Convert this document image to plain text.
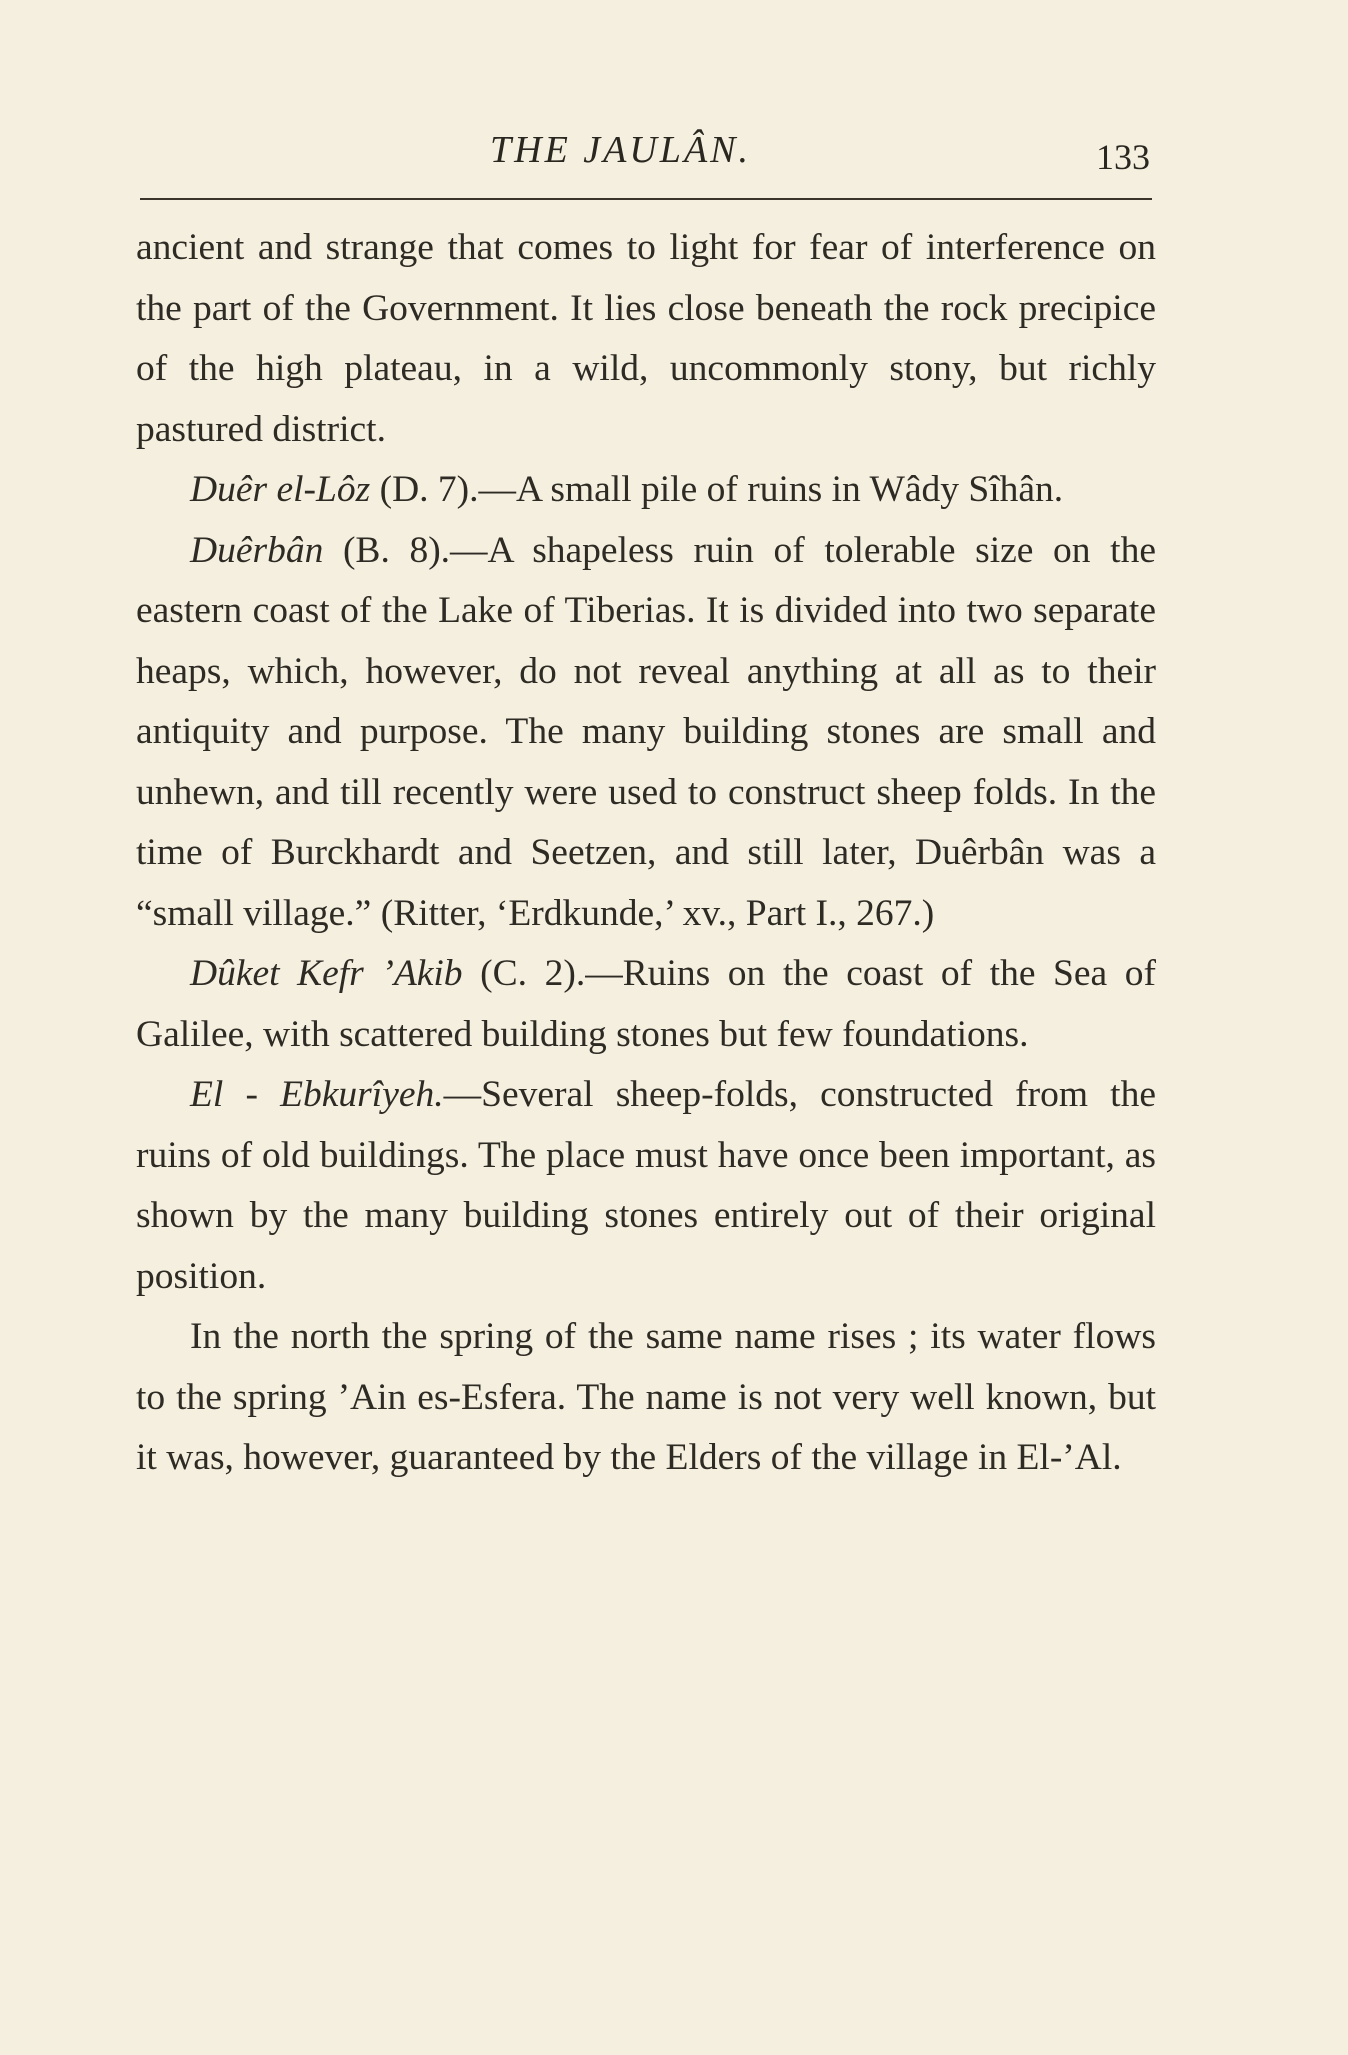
THE JAULÂN.	133

ancient and strange that comes to light for fear of interference on the part of the Government. It lies close beneath the rock precipice of the high plateau, in a wild, uncommonly stony, but richly pastured district.

Duêr el-Lôz (D. 7).—A small pile of ruins in Wâdy Sîhân.

Duêrbân (B. 8).—A shapeless ruin of tolerable size on the eastern coast of the Lake of Tiberias. It is divided into two separate heaps, which, however, do not reveal anything at all as to their antiquity and purpose. The many building stones are small and unhewn, and till recently were used to construct sheep folds. In the time of Burckhardt and Seetzen, and still later, Duêrbân was a “small village.” (Ritter, ‘Erdkunde,’ xv., Part I., 267.)

Dûket Kefr ’Akib (C. 2).—Ruins on the coast of the Sea of Galilee, with scattered building stones but few foundations.

El - Ebkurîyeh.—Several sheep-folds, constructed from the ruins of old buildings. The place must have once been important, as shown by the many building stones entirely out of their original position.

In the north the spring of the same name rises ; its water flows to the spring ’Ain es-Esfera. The name is not very well known, but it was, however, guaranteed by the Elders of the village in El-’Al.
